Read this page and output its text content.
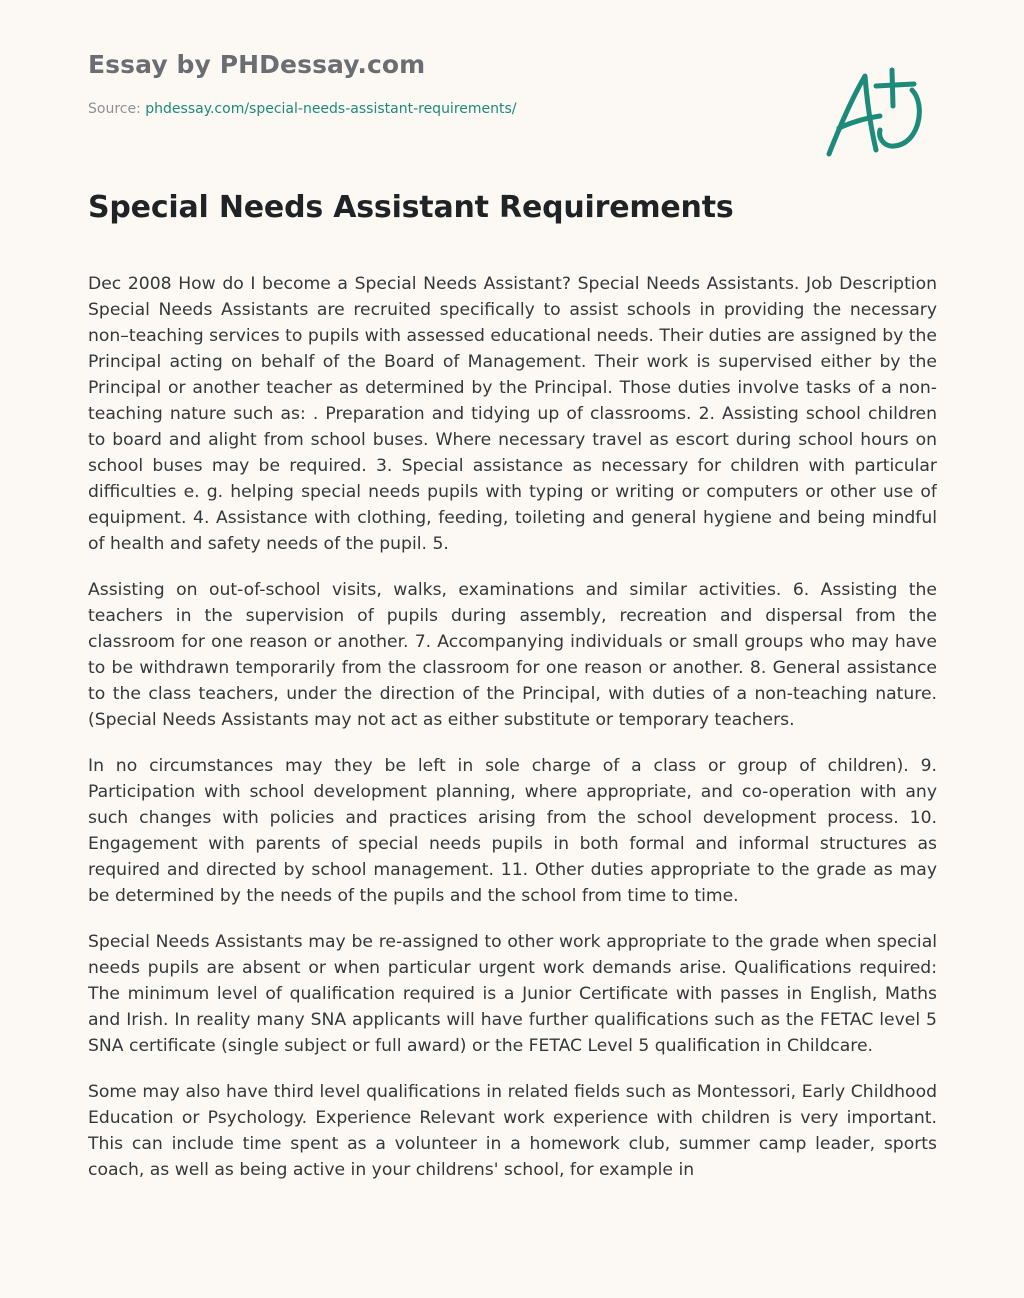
Essay by PHDessay.com
Source: phdessay.com/special-needs-assistant-requirements/
Special Needs Assistant Requirements

Dec 2008 How do I become a Special Needs Assistant? Special Needs Assistants. Job Description Special Needs Assistants are recruited specifically to assist schools in providing the necessary non–teaching services to pupils with assessed educational needs. Their duties are assigned by the Principal acting on behalf of the Board of Management. Their work is supervised either by the Principal or another teacher as determined by the Principal. Those duties involve tasks of a non-teaching nature such as: . Preparation and tidying up of classrooms. 2. Assisting school children to board and alight from school buses. Where necessary travel as escort during school hours on school buses may be required. 3. Special assistance as necessary for children with particular difficulties e. g. helping special needs pupils with typing or writing or computers or other use of equipment. 4. Assistance with clothing, feeding, toileting and general hygiene and being mindful of health and safety needs of the pupil. 5.

Assisting on out-of-school visits, walks, examinations and similar activities. 6. Assisting the teachers in the supervision of pupils during assembly, recreation and dispersal from the classroom for one reason or another. 7. Accompanying individuals or small groups who may have to be withdrawn temporarily from the classroom for one reason or another. 8. General assistance to the class teachers, under the direction of the Principal, with duties of a non-teaching nature. (Special Needs Assistants may not act as either substitute or temporary teachers.

In no circumstances may they be left in sole charge of a class or group of children). 9. Participation with school development planning, where appropriate, and co-operation with any such changes with policies and practices arising from the school development process. 10. Engagement with parents of special needs pupils in both formal and informal structures as required and directed by school management. 11. Other duties appropriate to the grade as may be determined by the needs of the pupils and the school from time to time.

Special Needs Assistants may be re-assigned to other work appropriate to the grade when special needs pupils are absent or when particular urgent work demands arise. Qualifications required: The minimum level of qualification required is a Junior Certificate with passes in English, Maths and Irish. In reality many SNA applicants will have further qualifications such as the FETAC level 5 SNA certificate (single subject or full award) or the FETAC Level 5 qualification in Childcare.

Some may also have third level qualifications in related fields such as Montessori, Early Childhood Education or Psychology. Experience Relevant work experience with children is very important. This can include time spent as a volunteer in a homework club, summer camp leader, sports coach, as well as being active in your childrens' school, for example in
